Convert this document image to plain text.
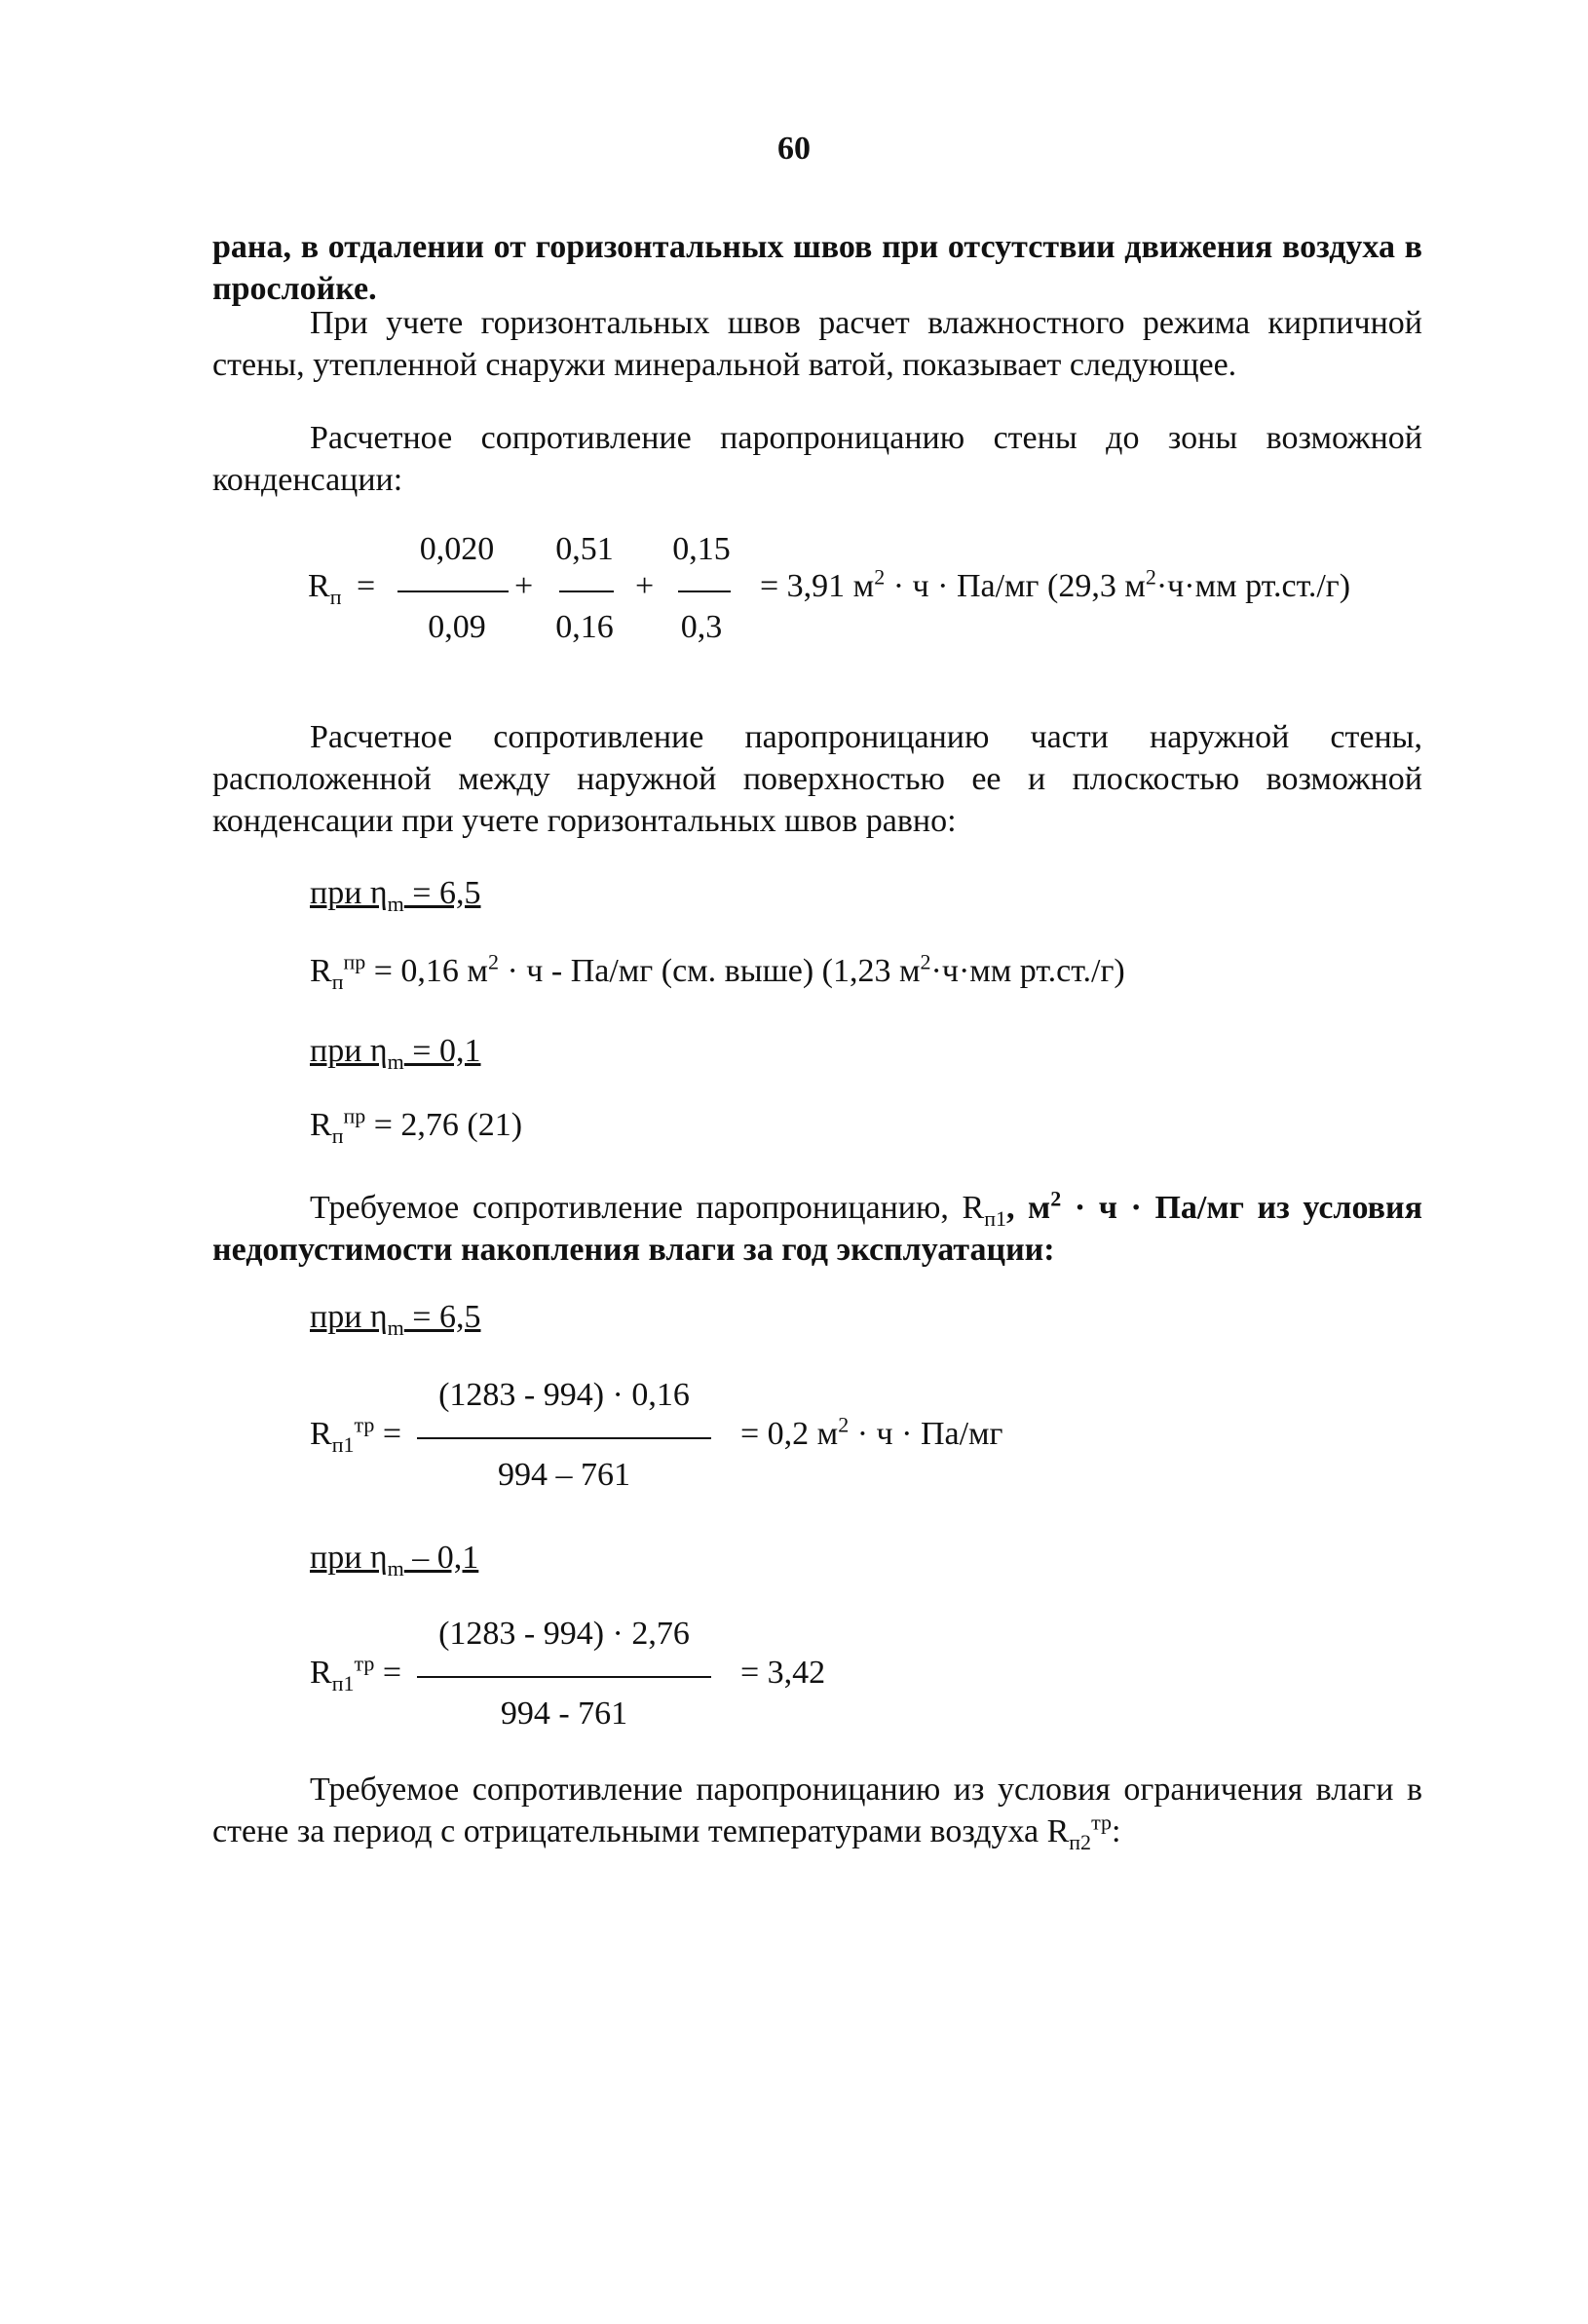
60
рана, в отдалении от горизонтальных швов при отсутствии движения воздуха в прослойке.
При учете горизонтальных швов расчет влажностного режима кирпичной стены, утепленной снаружи минеральной ватой, показывает следующее.
Расчетное сопротивление паропроницанию стены до зоны возможной конденсации:
$R_п$ =
0,020
0,09
+
0,51
0,16
+
0,15
0,3
= 3,91 $м^2 \cdot ч \cdot Па/мг$ (29,3 $м^2\cdot ч\cdot мм$ рт.ст./г)
Расчетное сопротивление паропроницанию части наружной стены, расположенной между наружной поверхностью ее и плоскостью возможной конденсации при учете горизонтальных швов равно:
при $\eta_m = 6,5$
$R_п^{пр} = 0,16$ $м^2 \cdot ч - Па/мг$ (см. выше) (1,23 $м^2\cdot ч\cdot мм$ рт.ст./г)
при $\eta_m = 0,1$
$R_п^{пр} = 2,76$ (21)
Требуемое сопротивление паропроницанию, $R_{п1}$, $м^2 \cdot ч \cdot Па/мг$ из условия недопустимости накопления влаги за год эксплуатации:
при $\eta_m = 6,5$
$R_{п1}^{тр}$ =
(1283 - 994) · 0,16
994 – 761
= 0,2 $м^2 \cdot ч \cdot Па/мг$
при $\eta_m - 0,1$
$R_{п1}^{тр}$ =
(1283 - 994) · 2,76
994 - 761
= 3,42
Требуемое сопротивление паропроницанию из условия ограничения влаги в стене за период с отрицательными температурами воздуха $R_{п2}^{тр}$:
